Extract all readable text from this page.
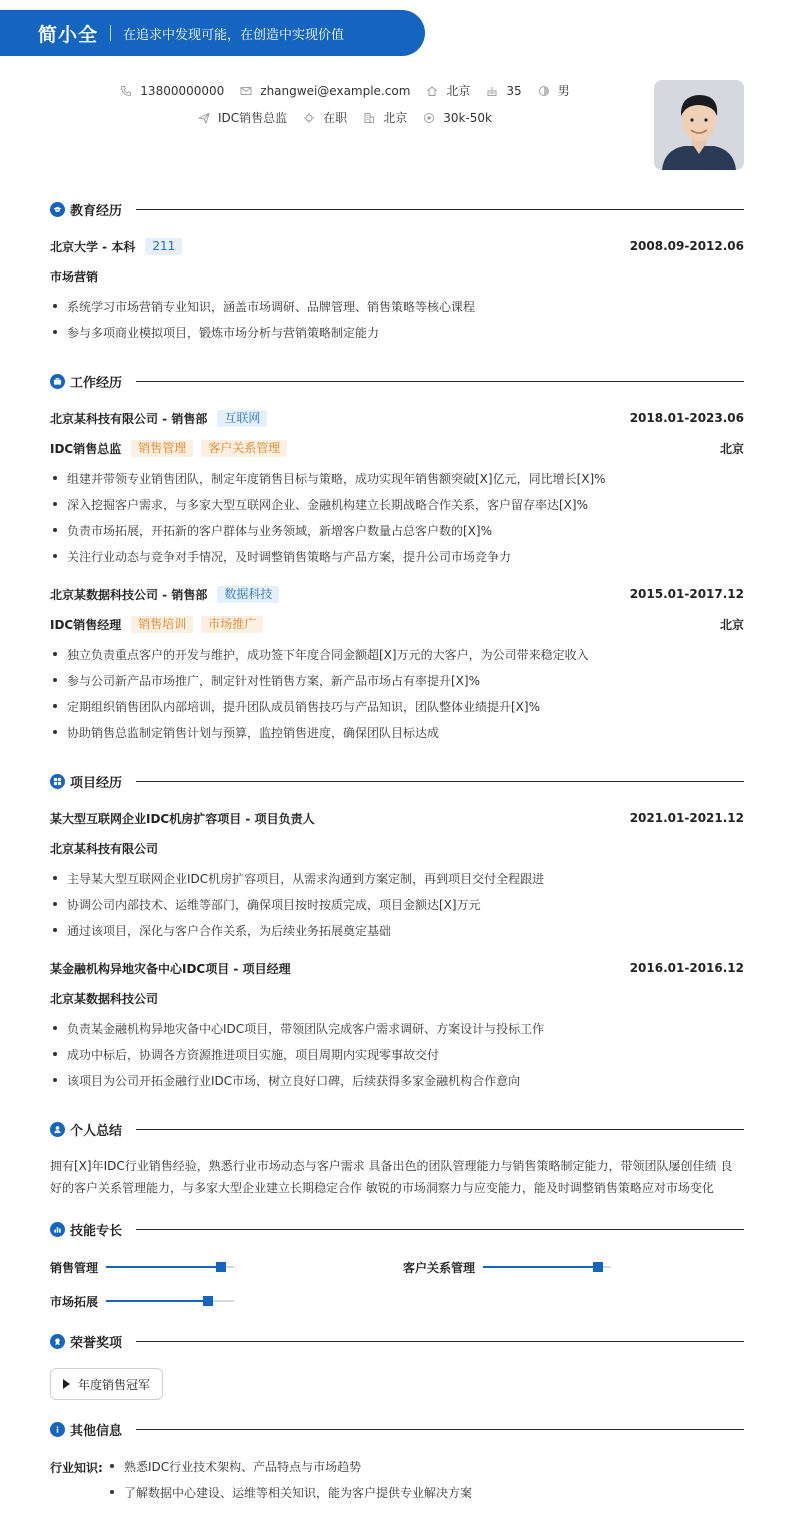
简小全 在追求中发现可能，在创造中实现价值
13800000000	zhangwei@example.com	北京	35	男
IDC销售总监	在职	北京	30k-50k
教育经历
北京大学 - 本科	211	2008.09-2012.06
市场营销
系统学习市场营销专业知识，涵盖市场调研、品牌管理、销售策略等核心课程
参与多项商业模拟项目，锻炼市场分析与营销策略制定能力
工作经历
北京某科技有限公司 - 销售部	互联网	2018.01-2023.06
IDC销售总监	销售管理	客户关系管理	北京
组建并带领专业销售团队，制定年度销售目标与策略，成功实现年销售额突破[X]亿元，同比增长[X]%
深入挖掘客户需求，与多家大型互联网企业、金融机构建立长期战略合作关系，客户留存率达[X]%
负责市场拓展，开拓新的客户群体与业务领域，新增客户数量占总客户数的[X]%
关注行业动态与竞争对手情况，及时调整销售策略与产品方案，提升公司市场竞争力
北京某数据科技公司 - 销售部	数据科技	2015.01-2017.12
IDC销售经理	销售培训	市场推广	北京
独立负责重点客户的开发与维护，成功签下年度合同金额超[X]万元的大客户，为公司带来稳定收入
参与公司新产品市场推广，制定针对性销售方案，新产品市场占有率提升[X]%
定期组织销售团队内部培训，提升团队成员销售技巧与产品知识，团队整体业绩提升[X]%
协助销售总监制定销售计划与预算，监控销售进度，确保团队目标达成
项目经历
某大型互联网企业IDC机房扩容项目 - 项目负责人	2021.01-2021.12
北京某科技有限公司
主导某大型互联网企业IDC机房扩容项目，从需求沟通到方案定制，再到项目交付全程跟进
协调公司内部技术、运维等部门，确保项目按时按质完成，项目金额达[X]万元
通过该项目，深化与客户合作关系，为后续业务拓展奠定基础
某金融机构异地灾备中心IDC项目 - 项目经理	2016.01-2016.12
北京某数据科技公司
负责某金融机构异地灾备中心IDC项目，带领团队完成客户需求调研、方案设计与投标工作
成功中标后，协调各方资源推进项目实施，项目周期内实现零事故交付
该项目为公司开拓金融行业IDC市场，树立良好口碑，后续获得多家金融机构合作意向
个人总结
拥有[X]年IDC行业销售经验，熟悉行业市场动态与客户需求 具备出色的团队管理能力与销售策略制定能力，带领团队屡创佳绩 良好的客户关系管理能力，与多家大型企业建立长期稳定合作 敏锐的市场洞察力与应变能力，能及时调整销售策略应对市场变化
技能专长
销售管理	客户关系管理
市场拓展
荣誉奖项
年度销售冠军
其他信息
行业知识: 熟悉IDC行业技术架构、产品特点与市场趋势
了解数据中心建设、运维等相关知识，能为客户提供专业解决方案
